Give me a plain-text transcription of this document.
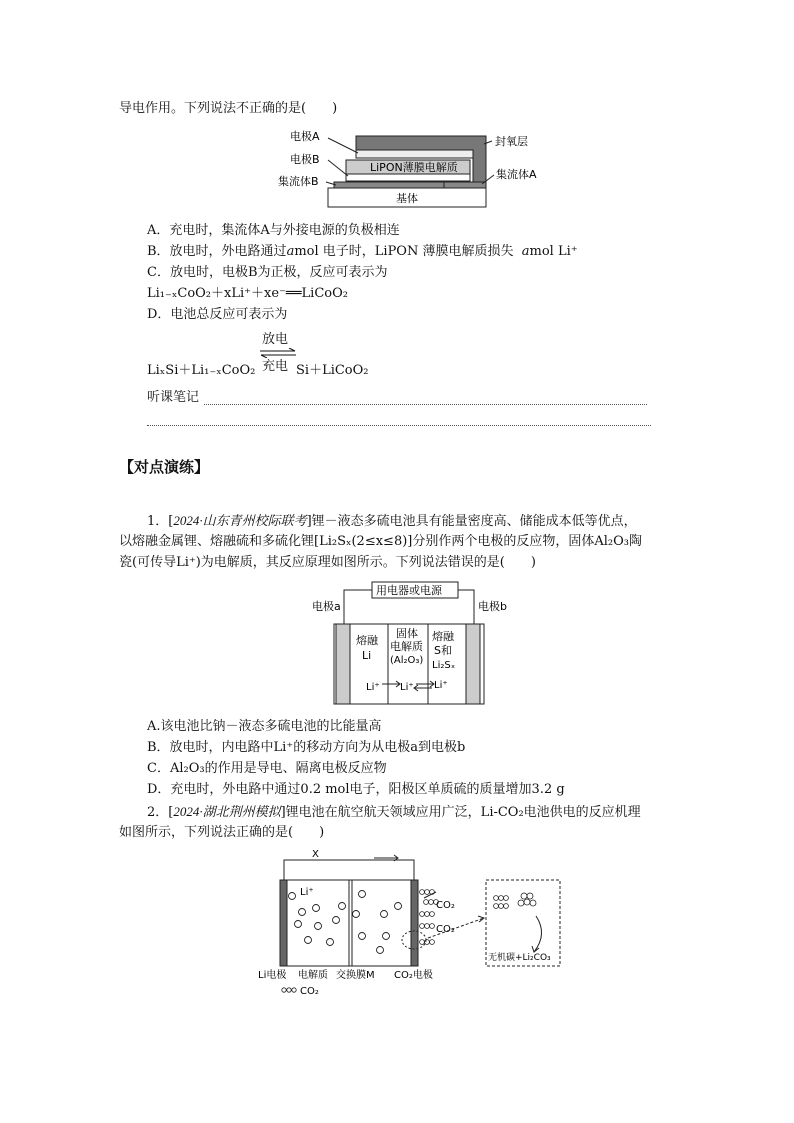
导电作用。下列说法不正确的是(　　)
LiPON薄膜电解质
基体
电极A
电极B
集流体B
封氧层
集流体A
A．充电时，集流体A与外接电源的负极相连
B．放电时，外电路通过amol 电子时，LiPON 薄膜电解质损失 amol Li⁺
C．放电时，电极B为正极，反应可表示为
Li₁₋ₓCoO₂＋xLi⁺＋xe⁻══LiCoO₂
D．电池总反应可表示为
放电
充电
LiₓSi＋Li₁₋ₓCoO₂	Si＋LiCoO₂
听课笔记
【对点演练】
1．[2024·山东青州校际联考]锂－液态多硫电池具有能量密度高、储能成本低等优点，
以熔融金属锂、熔融硫和多硫化锂[Li₂Sₓ(2≤x≤8)]分别作两个电极的反应物，固体Al₂O₃陶
瓷(可传导Li⁺)为电解质，其反应原理如图所示。下列说法错误的是(　　)
用电器或电源
电极a	电极b
熔融
Li
固体
电解质
(Al₂O₃)
熔融
S和
Li₂Sₓ
Li⁺ Li⁺ Li⁺
A.该电池比钠－液态多硫电池的比能量高
B．放电时，内电路中Li⁺的移动方向为从电极a到电极b
C．Al₂O₃的作用是导电、隔离电极反应物
D．充电时，外电路中通过0.2 mol电子，阳极区单质硫的质量增加3.2 g
2．[2024·湖北荆州模拟]锂电池在航空航天领域应用广泛，Li-CO₂电池供电的反应机理
如图所示，下列说法正确的是(　　)
X
Li⁺
CO₂
CO₂
无机碳+Li₂CO₃
Li电极 电解质 交换膜M CO₂电极
CO₂
